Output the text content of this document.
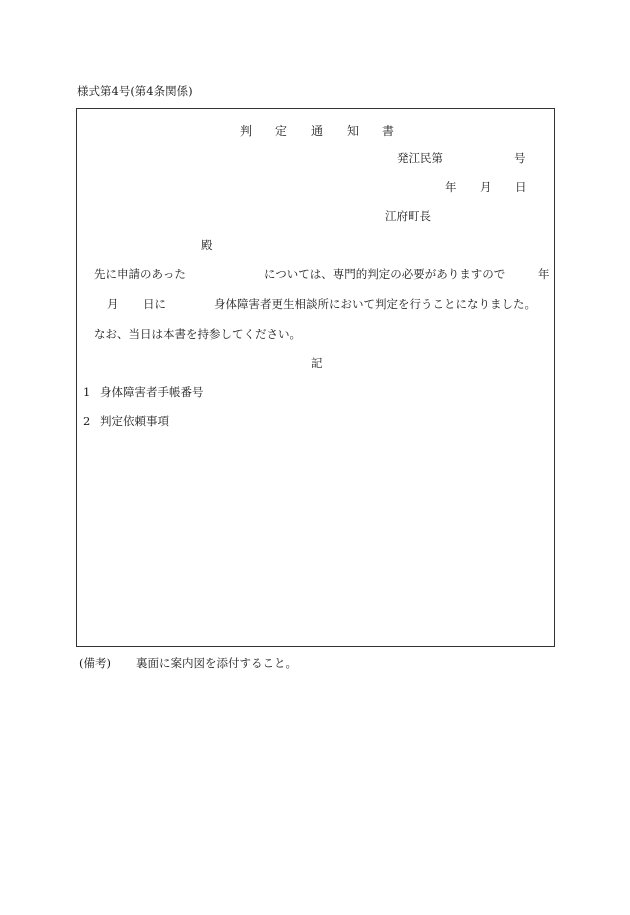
様式第4号(第4条関係)
判 定 通 知 書
発江民第	号
年 月 日
江府町長
殿
先に申請のあった	については、専門的判定の必要がありますので	年
月 日に	身体障害者更生相談所において判定を行うことになりました。
なお、当日は本書を持参してください。
記
1 身体障害者手帳番号
2 判定依頼事項
(備考) 裏面に案内図を添付すること。
